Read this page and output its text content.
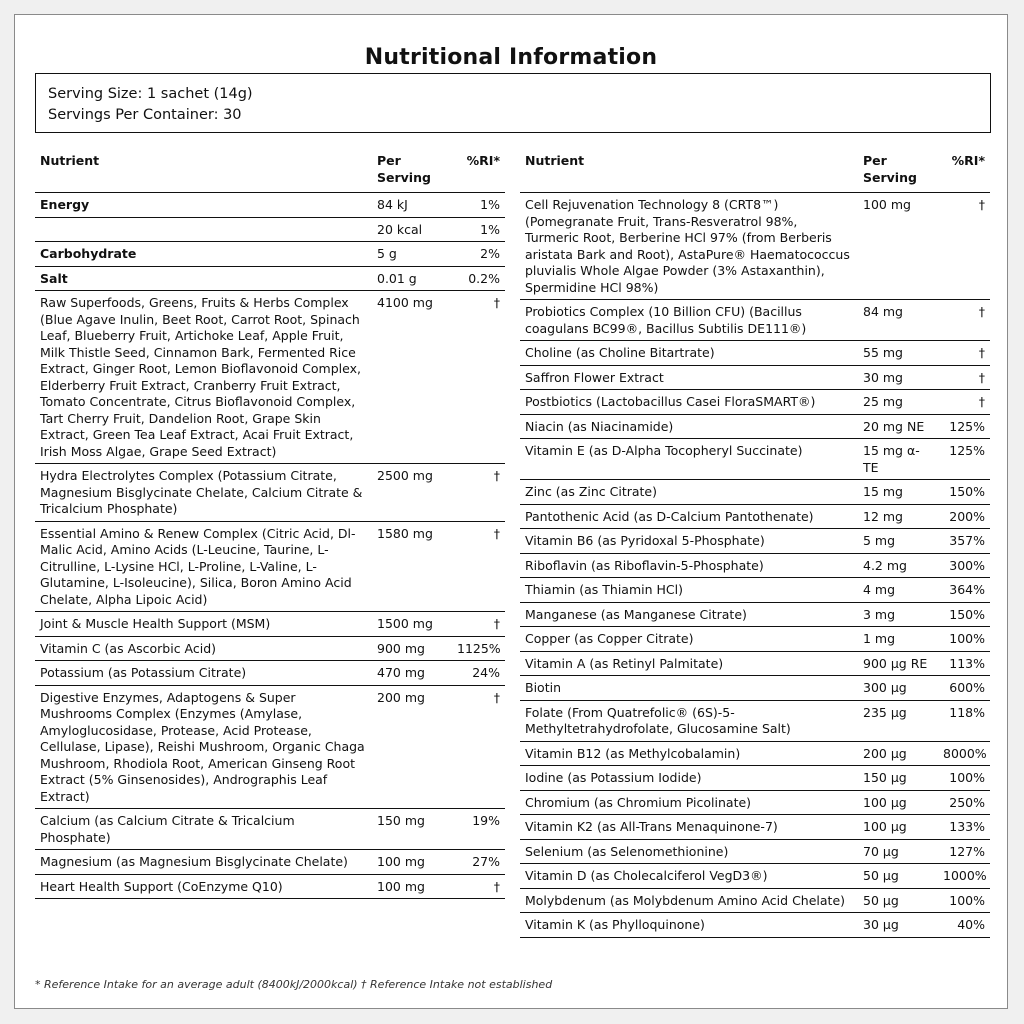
Nutritional Information
Serving Size: 1 sachet (14g)
Servings Per Container: 30
Nutrient	Per Serving	%RI*
Energy	84 kJ	1%
	20 kcal	1%
Carbohydrate	5 g	2%
Salt	0.01 g	0.2%
Raw Superfoods, Greens, Fruits & Herbs Complex (Blue Agave Inulin, Beet Root, Carrot Root, Spinach Leaf, Blueberry Fruit, Artichoke Leaf, Apple Fruit, Milk Thistle Seed, Cinnamon Bark, Fermented Rice Extract, Ginger Root, Lemon Bioflavonoid Complex, Elderberry Fruit Extract, Cranberry Fruit Extract, Tomato Concentrate, Citrus Bioflavonoid Complex, Tart Cherry Fruit, Dandelion Root, Grape Skin Extract, Green Tea Leaf Extract, Acai Fruit Extract, Irish Moss Algae, Grape Seed Extract)	4100 mg	†
Hydra Electrolytes Complex (Potassium Citrate, Magnesium Bisglycinate Chelate, Calcium Citrate & Tricalcium Phosphate)	2500 mg	†
Essential Amino & Renew Complex (Citric Acid, Dl-Malic Acid, Amino Acids (L-Leucine, Taurine, L-Citrulline, L-Lysine HCl, L-Proline, L-Valine, L-Glutamine, L-Isoleucine), Silica, Boron Amino Acid Chelate, Alpha Lipoic Acid)	1580 mg	†
Joint & Muscle Health Support (MSM)	1500 mg	†
Vitamin C (as Ascorbic Acid)	900 mg	1125%
Potassium (as Potassium Citrate)	470 mg	24%
Digestive Enzymes, Adaptogens & Super Mushrooms Complex (Enzymes (Amylase, Amyloglucosidase, Protease, Acid Protease, Cellulase, Lipase), Reishi Mushroom, Organic Chaga Mushroom, Rhodiola Root, American Ginseng Root Extract (5% Ginsenosides), Andrographis Leaf Extract)	200 mg	†
Calcium (as Calcium Citrate & Tricalcium Phosphate)	150 mg	19%
Magnesium (as Magnesium Bisglycinate Chelate)	100 mg	27%
Heart Health Support (CoEnzyme Q10)	100 mg	†
Nutrient	Per Serving	%RI*
Cell Rejuvenation Technology 8 (CRT8™) (Pomegranate Fruit, Trans-Resveratrol 98%, Turmeric Root, Berberine HCl 97% (from Berberis aristata Bark and Root), AstaPure® Haematococcus pluvialis Whole Algae Powder (3% Astaxanthin), Spermidine HCl 98%)	100 mg	†
Probiotics Complex (10 Billion CFU) (Bacillus coagulans BC99®, Bacillus Subtilis DE111®)	84 mg	†
Choline (as Choline Bitartrate)	55 mg	†
Saffron Flower Extract	30 mg	†
Postbiotics (Lactobacillus Casei FloraSMART®)	25 mg	†
Niacin (as Niacinamide)	20 mg NE	125%
Vitamin E (as D-Alpha Tocopheryl Succinate)	15 mg α-TE	125%
Zinc (as Zinc Citrate)	15 mg	150%
Pantothenic Acid (as D-Calcium Pantothenate)	12 mg	200%
Vitamin B6 (as Pyridoxal 5-Phosphate)	5 mg	357%
Riboflavin (as Riboflavin-5-Phosphate)	4.2 mg	300%
Thiamin (as Thiamin HCl)	4 mg	364%
Manganese (as Manganese Citrate)	3 mg	150%
Copper (as Copper Citrate)	1 mg	100%
Vitamin A (as Retinyl Palmitate)	900 µg RE	113%
Biotin	300 µg	600%
Folate (From Quatrefolic® (6S)-5-Methyltetrahydrofolate, Glucosamine Salt)	235 µg	118%
Vitamin B12 (as Methylcobalamin)	200 µg	8000%
Iodine (as Potassium Iodide)	150 µg	100%
Chromium (as Chromium Picolinate)	100 µg	250%
Vitamin K2 (as All-Trans Menaquinone-7)	100 µg	133%
Selenium (as Selenomethionine)	70 µg	127%
Vitamin D (as Cholecalciferol VegD3®)	50 µg	1000%
Molybdenum (as Molybdenum Amino Acid Chelate)	50 µg	100%
Vitamin K (as Phylloquinone)	30 µg	40%
* Reference Intake for an average adult (8400kJ/2000kcal) † Reference Intake not established
